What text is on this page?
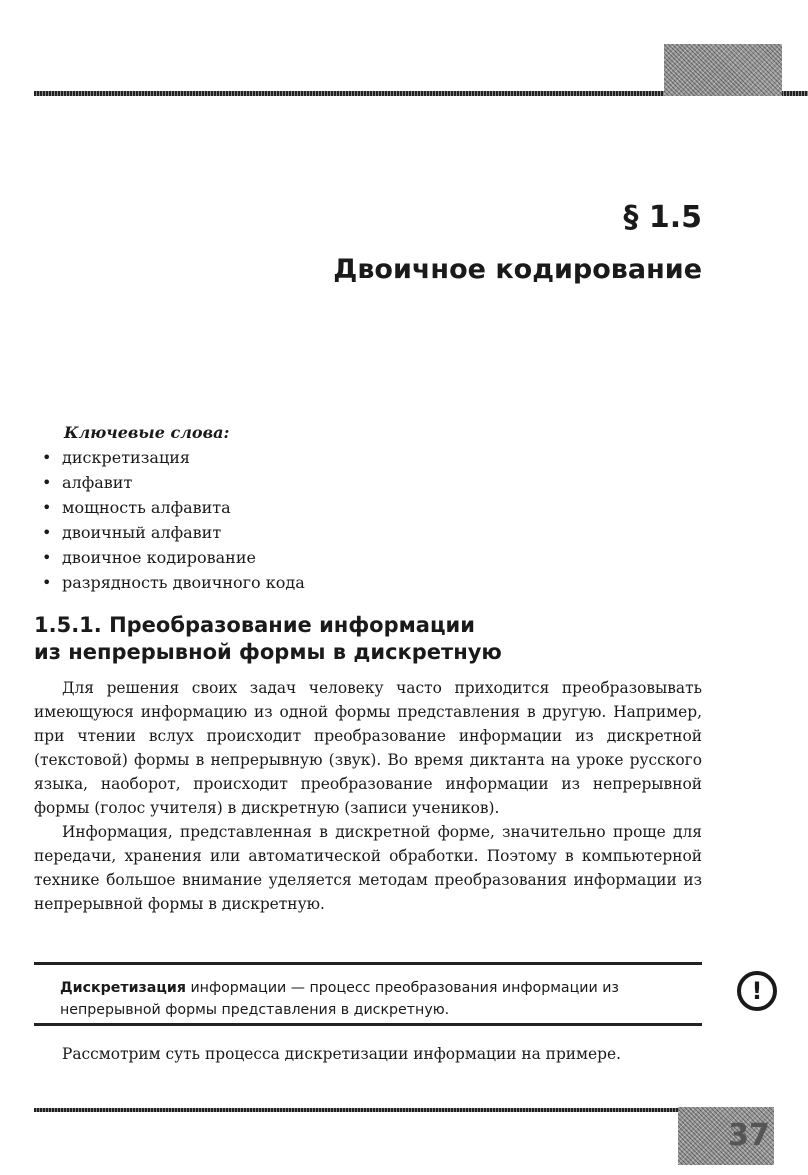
§ 1.5
Двоичное кодирование
Ключевые слова:
• дискретизация
• алфавит
• мощность алфавита
• двоичный алфавит
• двоичное кодирование
• разрядность двоичного кода
1.5.1. Преобразование информации
из непрерывной формы в дискретную

Для решения своих задач человеку часто приходится преобразовывать имеющуюся информацию из одной формы представления в другую. Например, при чтении вслух происходит преобразование информации из дискретной (текстовой) формы в непрерывную (звук). Во время диктанта на уроке русского языка, наоборот, происходит преобразование информации из непрерывной формы (голос учителя) в дискретную (записи учеников).

Информация, представленная в дискретной форме, значительно проще для передачи, хранения или автоматической обработки. Поэтому в компьютерной технике большое внимание уделяется методам преобразования информации из непрерывной формы в дискретную.

Дискретизация информации — процесс преобразования информации из непрерывной формы представления в дискретную.
!
Рассмотрим суть процесса дискретизации информации на примере.
37
